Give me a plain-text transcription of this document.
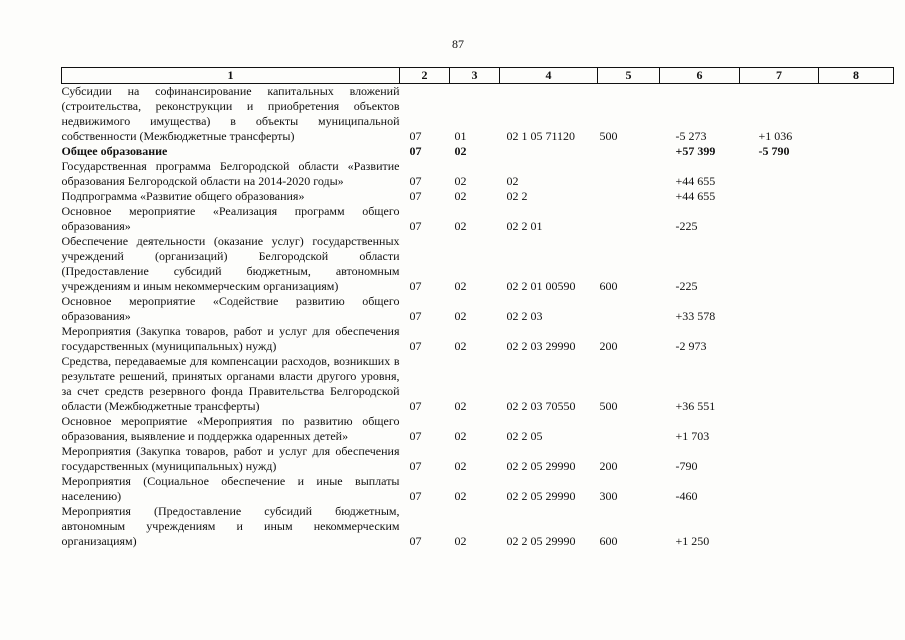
87
1	2	3	4	5	6	7	8
Субсидии на софинансирование капитальных вложений (строительства, реконструкции и приобретения объектов недвижимого имущества) в объекты муниципальной собственности (Межбюджетные трансферты)	07	01	02 1 05 71120	500	-5 273	+1 036	
Общее образование	07	02			+57 399	-5 790	
Государственная программа Белгородской области «Развитие образования Белгородской области на 2014-2020 годы»	07	02	02		+44 655		
Подпрограмма «Развитие общего образования»	07	02	02 2		+44 655		
Основное мероприятие «Реализация программ общего образования»	07	02	02 2 01		-225		
Обеспечение деятельности (оказание услуг) государственных учреждений (организаций) Белгородской области (Предоставление субсидий бюджетным, автономным учреждениям и иным некоммерческим организациям)	07	02	02 2 01 00590	600	-225		
Основное мероприятие «Содействие развитию общего образования»	07	02	02 2 03		+33 578		
Мероприятия (Закупка товаров, работ и услуг для обеспечения государственных (муниципальных) нужд)	07	02	02 2 03 29990	200	-2 973		
Средства, передаваемые для компенсации расходов, возникших в результате решений, принятых органами власти другого уровня, за счет средств резервного фонда Правительства Белгородской области (Межбюджетные трансферты)	07	02	02 2 03 70550	500	+36 551		
Основное мероприятие «Мероприятия по развитию общего образования, выявление и поддержка одаренных детей»	07	02	02 2 05		+1 703		
Мероприятия (Закупка товаров, работ и услуг для обеспечения государственных (муниципальных) нужд)	07	02	02 2 05 29990	200	-790		
Мероприятия (Социальное обеспечение и иные выплаты населению)	07	02	02 2 05 29990	300	-460		
Мероприятия (Предоставление субсидий бюджетным, автономным учреждениям и иным некоммерческим организациям)	07	02	02 2 05 29990	600	+1 250		
